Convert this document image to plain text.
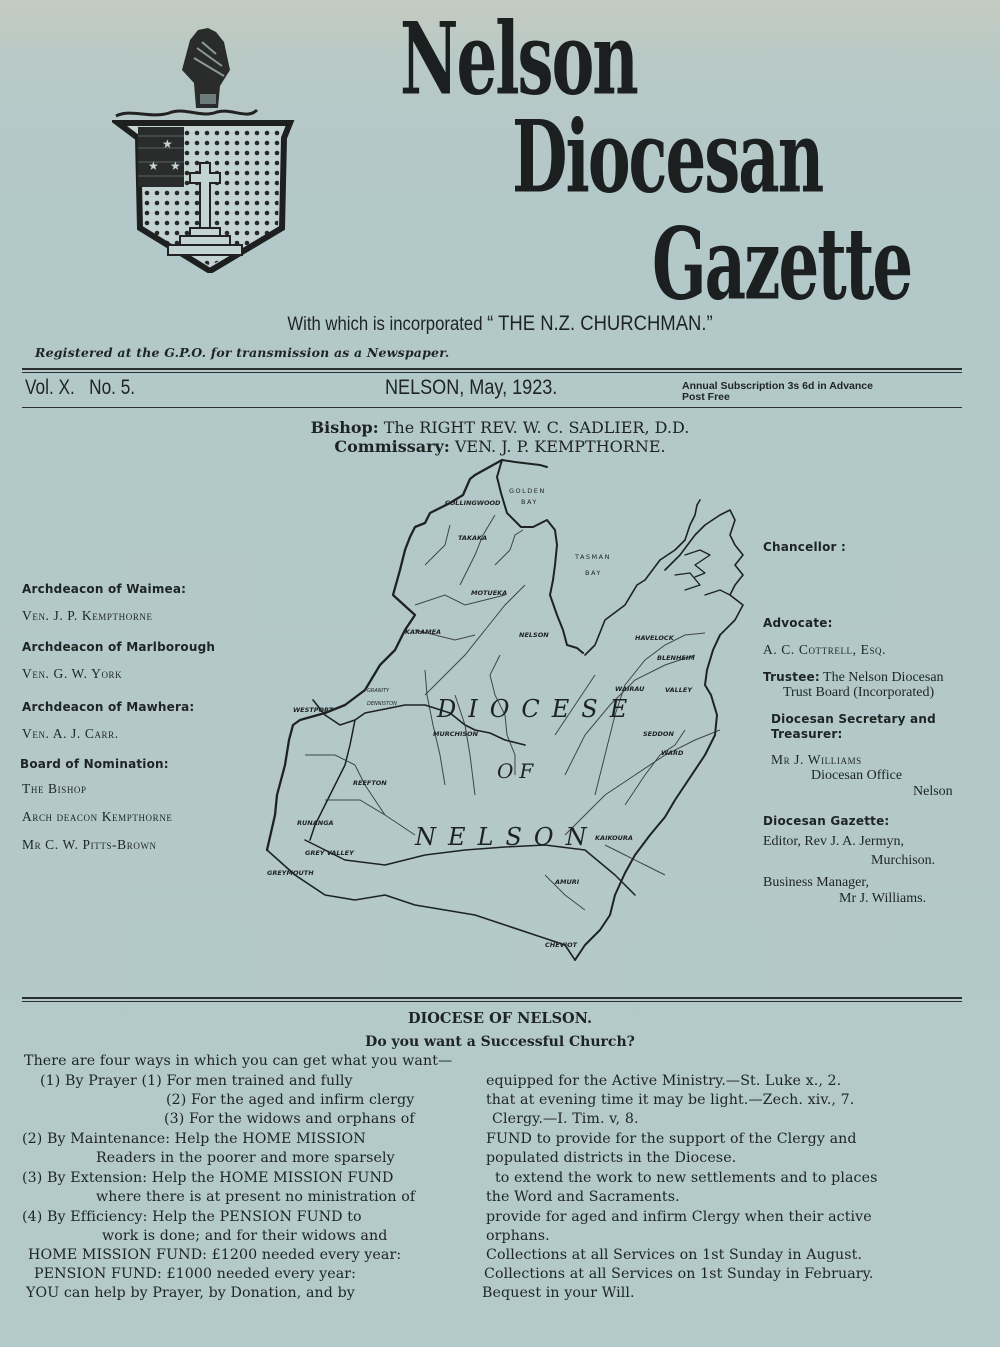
★
★ ★
Nelson
Diocesan
Gazette
With which is incorporated “ THE N.Z. CHURCHMAN.”
Registered at the G.P.O. for transmission as a Newspaper.
Vol. X. No. 5.	NELSON, May, 1923.	Annual Subscription 3s 6d in Advance
Post Free
Bishop: The RIGHT REV. W. C. SADLIER, D.D.
Commissary: VEN. J. P. KEMPTHORNE.
Archdeacon of Waimea:
Ven. J. P. Kempthorne
Archdeacon of Marlborough
Ven. G. W. York
Archdeacon of Mawhera:
Ven. A. J. Carr.
Board of Nomination:
The Bishop
Arch deacon Kempthorne
Mr C. W. Pitts-Brown
Chancellor :
Advocate:
A. C. Cottrell, Esq.
Trustee: The Nelson Diocesan
Trust Board (Incorporated)
Diocesan Secretary and
Treasurer:
Mr J. Williams
Diocesan Office
Nelson
Diocesan Gazette:
Editor, Rev J. A. Jermyn,
Murchison.
Business Manager,
Mr J. Williams.
GOLDEN
BAY
COLLINGWOOD
TAKAKA
TASMAN
BAY
MOTUEKA
KARAMEA	NELSON	HAVELOCK
BLENHEIM
WAIRAU	VALLEY
WESTPORT
DENNISTON
GRANITY
MURCHISON	SEDDON
WARD
REEFTON
RUNANGA
GREY VALLEY
GREYMOUTH
KAIKOURA
AMURI
CHEVIOT
DIOCESE
OF
NELSON
DIOCESE OF NELSON.
Do you want a Successful Church?
There are four ways in which you can get what you want—
(1) By Prayer (1) For men trained and fully	equipped for the Active Ministry.—St. Luke x., 2.
(2) For the aged and infirm clergy	that at evening time it may be light.—Zech. xiv., 7.
(3) For the widows and orphans of	Clergy.—I. Tim. v, 8.
(2) By Maintenance: Help the HOME MISSION	FUND to provide for the support of the Clergy and
Readers in the poorer and more sparsely	populated districts in the Diocese.
(3) By Extension: Help the HOME MISSION FUND	to extend the work to new settlements and to places
where there is at present no ministration of	the Word and Sacraments.
(4) By Efficiency: Help the PENSION FUND to	provide for aged and infirm Clergy when their active
work is done; and for their widows and	orphans.
HOME MISSION FUND: £1200 needed every year:	Collections at all Services on 1st Sunday in August.
PENSION FUND: £1000 needed every year:	Collections at all Services on 1st Sunday in February.
YOU can help by Prayer, by Donation, and by	Bequest in your Will.
